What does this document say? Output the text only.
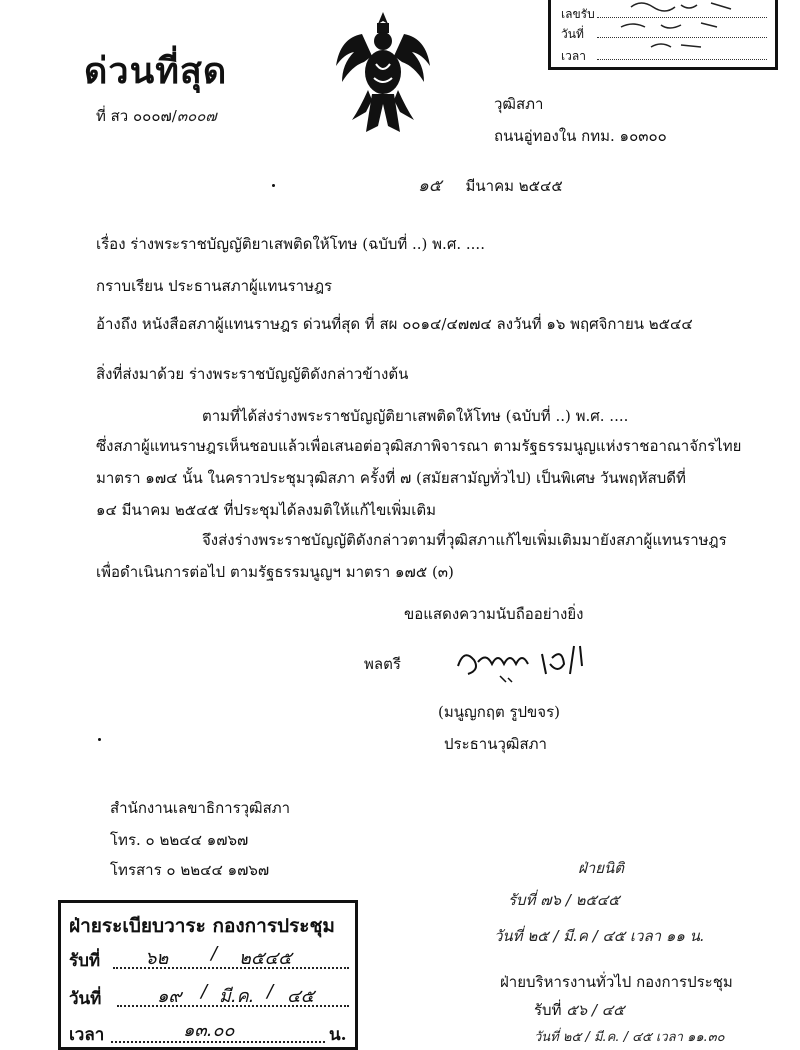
เลขรับ
วันที่
เวลา
ด่วนที่สุด
ที่ สว ๐๐๐๗/๓๐๐๗
วุฒิสภา
ถนนอู่ทองใน กทม. ๑๐๓๐๐
๑๕ มีนาคม ๒๕๔๕
เรื่อง ร่างพระราชบัญญัติยาเสพติดให้โทษ (ฉบับที่ ..) พ.ศ. ....
กราบเรียน ประธานสภาผู้แทนราษฎร
อ้างถึง หนังสือสภาผู้แทนราษฎร ด่วนที่สุด ที่ สผ ๐๐๑๔/๔๗๗๔ ลงวันที่ ๑๖ พฤศจิกายน ๒๕๔๔
สิ่งที่ส่งมาด้วย ร่างพระราชบัญญัติดังกล่าวข้างต้น
ตามที่ได้ส่งร่างพระราชบัญญัติยาเสพติดให้โทษ (ฉบับที่ ..) พ.ศ. ....
ซึ่งสภาผู้แทนราษฎรเห็นชอบแล้วเพื่อเสนอต่อวุฒิสภาพิจารณา ตามรัฐธรรมนูญแห่งราชอาณาจักรไทย
มาตรา ๑๗๔ นั้น ในคราวประชุมวุฒิสภา ครั้งที่ ๗ (สมัยสามัญทั่วไป) เป็นพิเศษ วันพฤหัสบดีที่
๑๔ มีนาคม ๒๕๔๕ ที่ประชุมได้ลงมติให้แก้ไขเพิ่มเติม
จึงส่งร่างพระราชบัญญัติดังกล่าวตามที่วุฒิสภาแก้ไขเพิ่มเติมมายังสภาผู้แทนราษฎร
เพื่อดำเนินการต่อไป ตามรัฐธรรมนูญฯ มาตรา ๑๗๕ (๓)
ขอแสดงความนับถืออย่างยิ่ง
พลตรี
(มนูญกฤต รูปขจร)
ประธานวุฒิสภา
สำนักงานเลขาธิการวุฒิสภา
โทร. ๐ ๒๒๔๔ ๑๗๖๗
โทรสาร ๐ ๒๒๔๔ ๑๗๖๗
ฝ่ายระเบียบวาระ กองการประชุม
รับที่ ๖๒ / ๒๕๔๕
วันที่	๑๙ / มี.ค. / ๔๕
เวลา	๑๓.๐๐	น.
ฝ่ายนิติ
รับที่ ๗๖ / ๒๕๔๕
วันที่ ๒๕ / มี.ค / ๔๕ เวลา ๑๑ น.
ฝ่ายบริหารงานทั่วไป กองการประชุม
รับที่ ๕๖ / ๔๕
วันที่ ๒๕ / มี.ค. / ๔๕ เวลา ๑๑.๓๐
